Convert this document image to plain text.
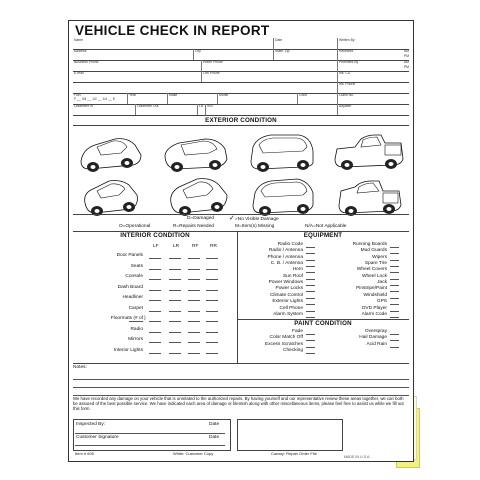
VEHICLE CHECK IN REPORT
Name	Date	Written By
Address	City	State, Zip	Received	AM
PM
Business Phone	Home Phone	Promised By	AM
PM
E-mail	Cell Phone	Ins. Co.
Ins. Phone
Fuel
F __ 3/4 __ 1/2 __ 1/4 __ E
Year	Make	Model	Color	Claim No.
Odometer In	Odometer Out	Lic	VIN	Adjuster
EXTERIOR CONDITION
O=Operational
D=Damaged
R=Repairs Needed
✓=No Visible Damage
M=Item(s) Missing	N/A=Not Applicable
INTERIOR CONDITION	EQUIPMENT
LF	LR	RF RR
Door Panels
Seats
Console
Dash Board
Headliner
Carpet
Floormats (# of )
Radio
Mirrors
Interior Lights
Radio Code
Radio / Antenna
Phone / Antenna
C. B. / Antenna
Horn
Sun Roof
Power Windows
Power Locks
Climate Control
Exterior Lights
Cell Phone
Alarm System
Running Boards
Mud Guards
Wipers
Spare Tire
Wheel Covers
Wheel Lock
Jack
Pinstripe/Paint
Windshield
GPS
DVD Player
Alarm Code
PAINT CONDITION
Fade
Color Match Off
Excess Scratches
Checking
Overspray
Hail Damage
Acid Rain
Notes:
We have recorded any damage on your vehicle that is unrelated to the authorized repairs. By having yourself and our representative review these areas together, we can both be assured of the best possible service. We have indicated each area of damage or blemish along with other miscellaneous items, please feel free to assist us while we fill out this form.
Inspected By:	Date
Customer Signature	Date
Item # 605	White: Customer Copy	Canary: Repair Order File
MADE IN U.S.A.
